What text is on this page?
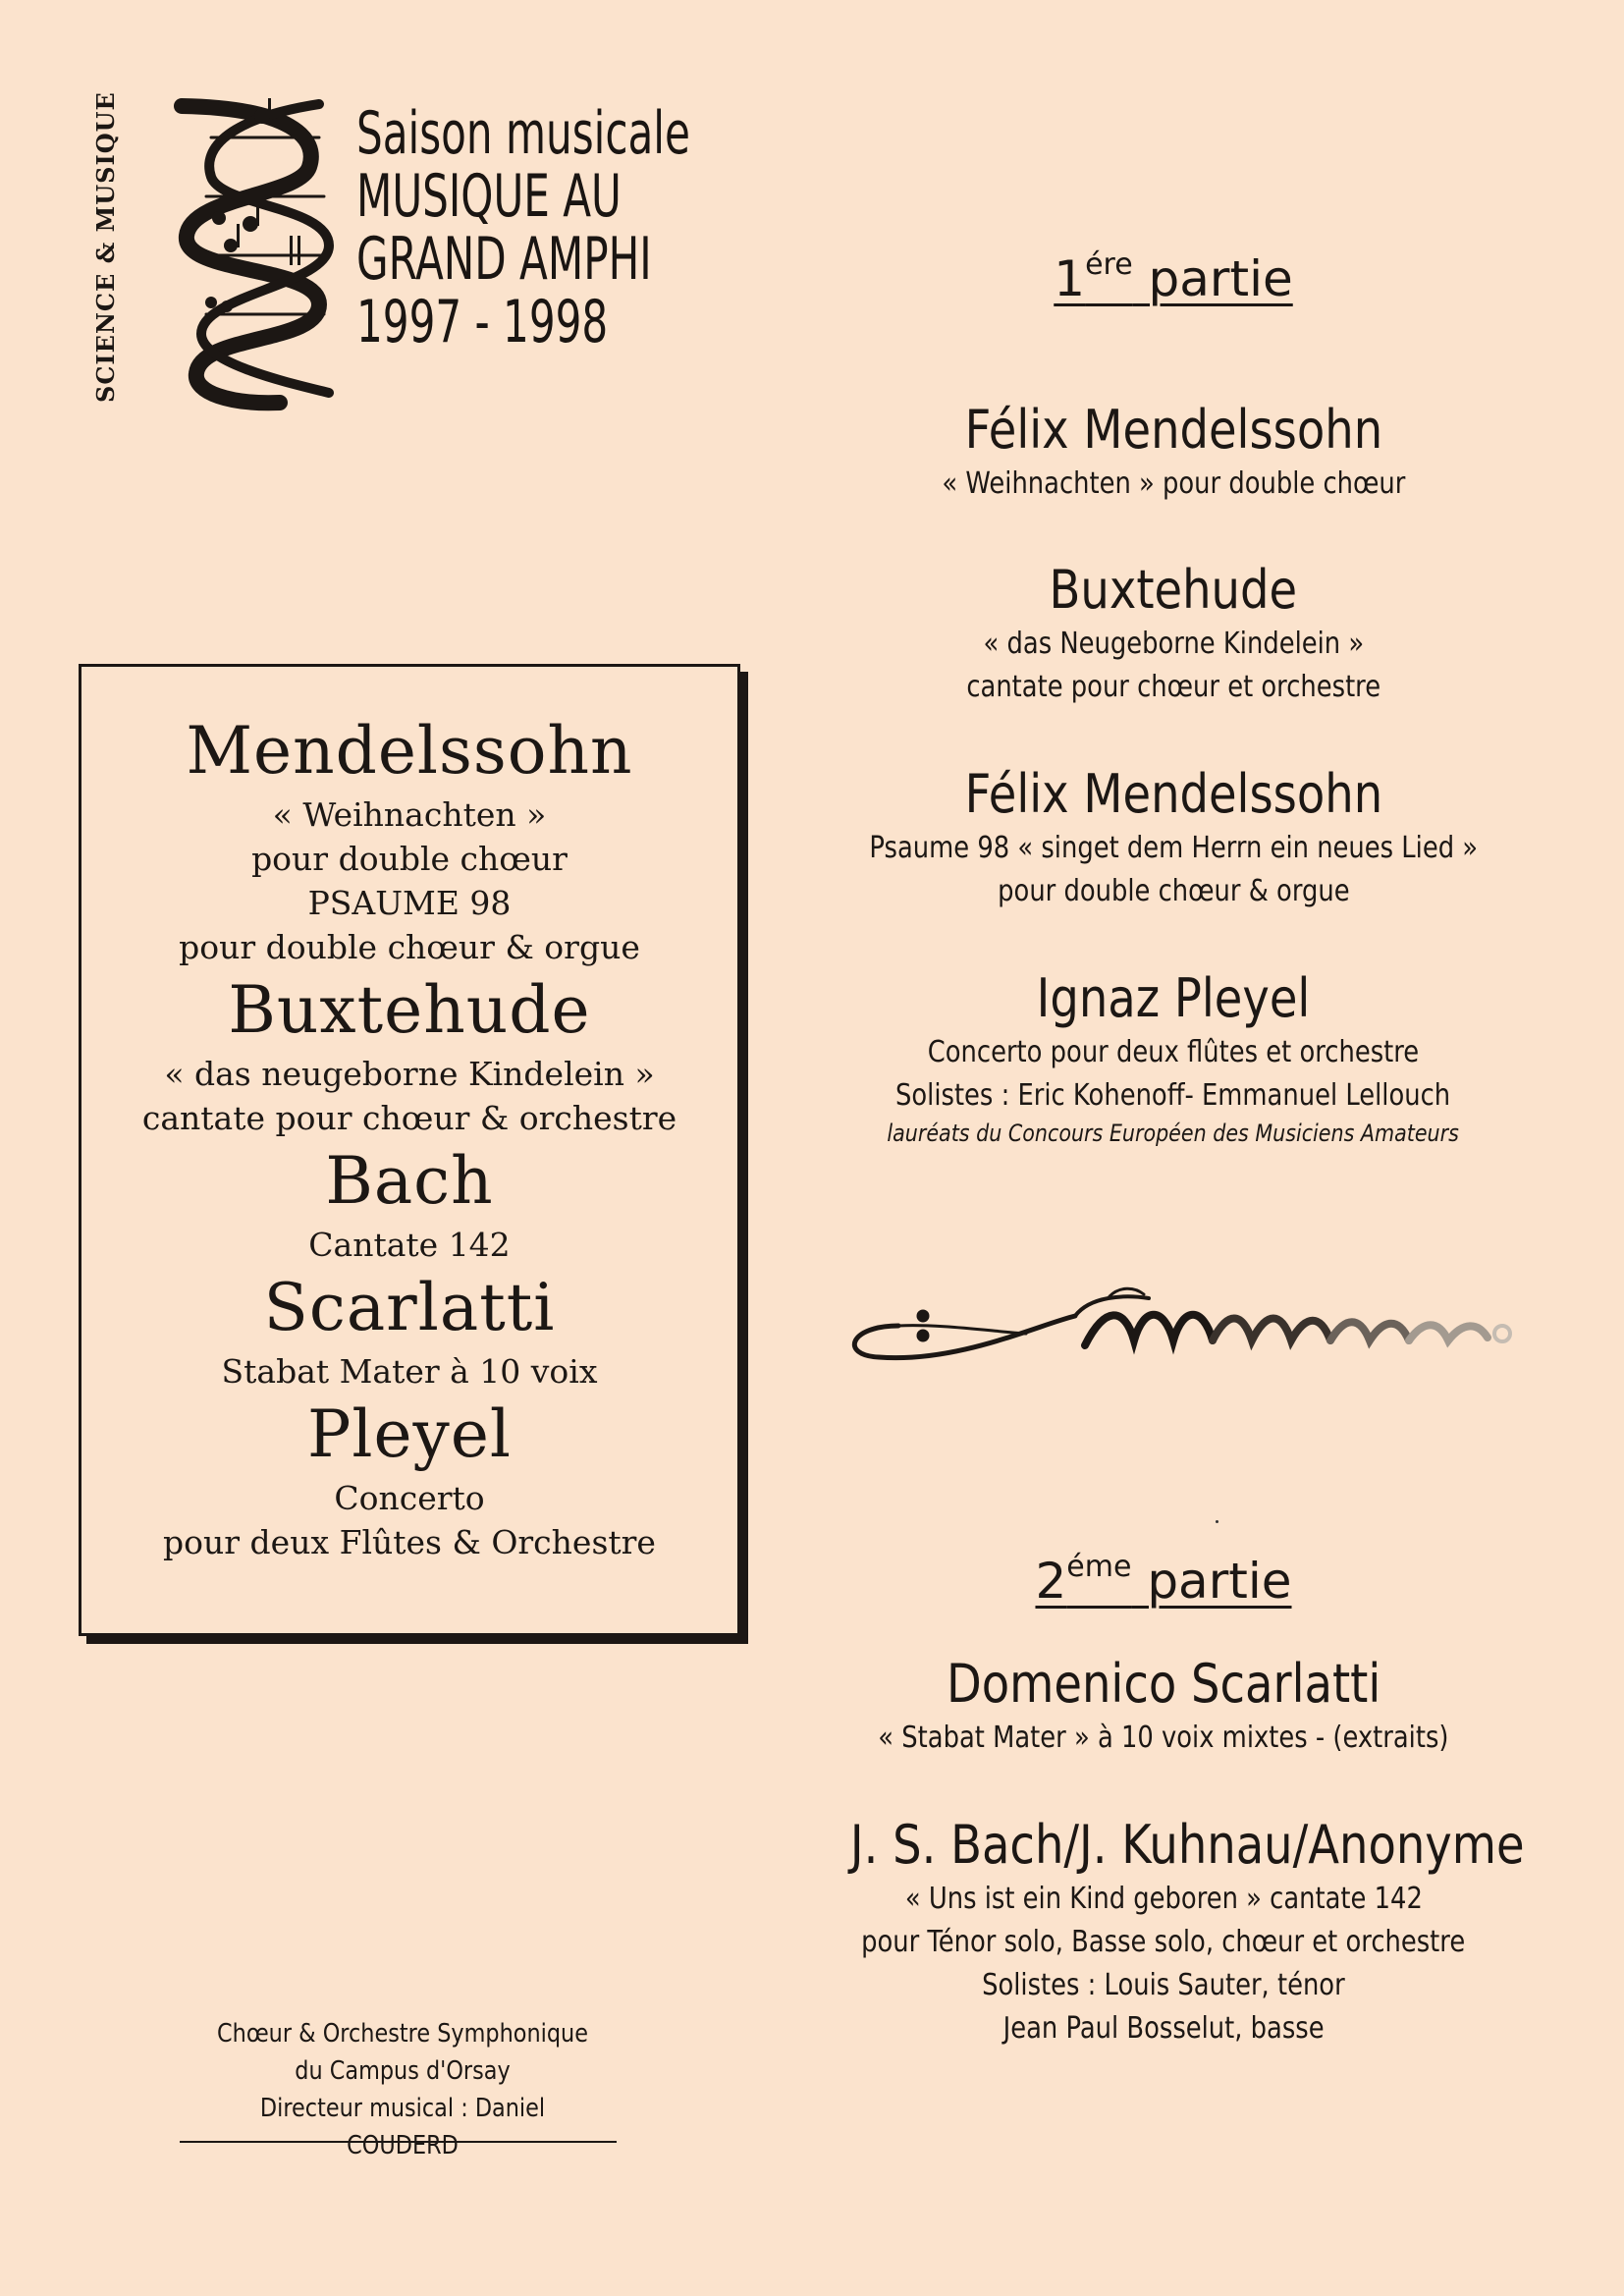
SCIENCE & MUSIQUE	Saison musicale
MUSIQUE AU
GRAND AMPHI
1997 - 1998
Mendelssohn
« Weihnachten »
pour double chœur
PSAUME 98
pour double chœur & orgue
Buxtehude
« das neugeborne Kindelein »
cantate pour chœur & orchestre
Bach
Cantate 142
Scarlatti
Stabat Mater à 10 voix
Pleyel
Concerto
pour deux Flûtes & Orchestre
Chœur & Orchestre Symphonique
du Campus d'Orsay
Directeur musical : Daniel COUDERD
$1^{ére}$ partie
Félix Mendelssohn
« Weihnachten » pour double chœur
Buxtehude
« das Neugeborne Kindelein »
cantate pour chœur et orchestre
Félix Mendelssohn
Psaume 98 « singet dem Herrn ein neues Lied »
pour double chœur & orgue
Ignaz Pleyel
Concerto pour deux flûtes et orchestre
Solistes : Eric Kohenoff- Emmanuel Lellouch
lauréats du Concours Européen des Musiciens Amateurs
$2^{éme}$ partie
Domenico Scarlatti
« Stabat Mater » à 10 voix mixtes - (extraits)
J. S. Bach/J. Kuhnau/Anonyme
« Uns ist ein Kind geboren » cantate 142
pour Ténor solo, Basse solo, chœur et orchestre
Solistes : Louis Sauter, ténor
Jean Paul Bosselut, basse
